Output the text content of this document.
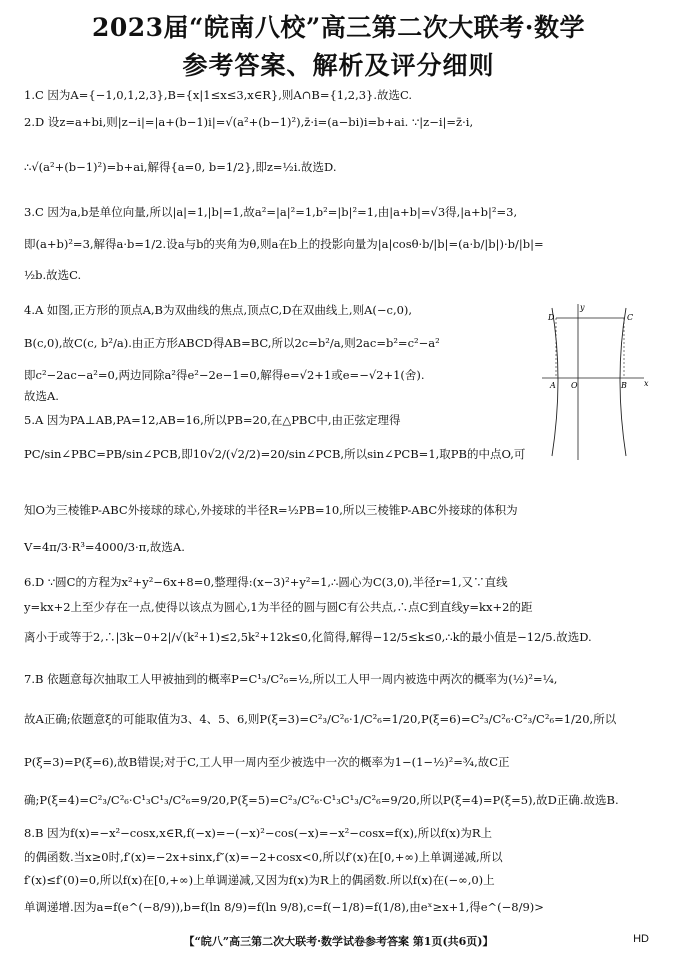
2023届“皖南八校”高三第二次大联考·数学
参考答案、解析及评分细则
1.C 因为A={−1,0,1,2,3},B={x|1≤x≤3,x∈R},则A∩B={1,2,3}.故选C.
2.D 设z=a+bi,则|z−i|=|a+(b−1)i|=√(a²+(b−1)²),z̄·i=(a−bi)i=b+ai. ∵|z−i|=z̄·i,
∴√(a²+(b−1)²)=b+ai,解得{a=0, b=1/2},即z=½i.故选D.
3.C 因为a,b是单位向量,所以|a|=1,|b|=1,故a²=|a|²=1,b²=|b|²=1,由|a+b|=√3得,|a+b|²=3,
即(a+b)²=3,解得a·b=1/2.设a与b的夹角为θ,则a在b上的投影向量为|a|cosθ·b/|b|=(a·b/|b|)·b/|b|=
½b.故选C.
4.A 如图,正方形的顶点A,B为双曲线的焦点,顶点C,D在双曲线上,则A(−c,0),
B(c,0),故C(c, b²/a).由正方形ABCD得AB=BC,所以2c=b²/a,则2ac=b²=c²−a²
即c²−2ac−a²=0,两边同除a²得e²−2e−1=0,解得e=√2+1或e=−√2+1(舍).
故选A.
5.A 因为PA⊥AB,PA=12,AB=16,所以PB=20,在△PBC中,由正弦定理得
PC/sin∠PBC=PB/sin∠PCB,即10√2/(√2/2)=20/sin∠PCB,所以sin∠PCB=1,取PB的中点O,可
知O为三棱锥P-ABC外接球的球心,外接球的半径R=½PB=10,所以三棱锥P-ABC外接球的体积为
V=4π/3·R³=4000/3·π,故选A.
6.D ∵圆C的方程为x²+y²−6x+8=0,整理得:(x−3)²+y²=1,∴圆心为C(3,0),半径r=1,又∵直线
y=kx+2上至少存在一点,使得以该点为圆心,1为半径的圆与圆C有公共点,∴点C到直线y=kx+2的距
离小于或等于2,∴|3k−0+2|/√(k²+1)≤2,5k²+12k≤0,化简得,解得−12/5≤k≤0,∴k的最小值是−12/5.故选D.
7.B 依题意每次抽取工人甲被抽到的概率P=C¹₃/C²₆=½,所以工人甲一周内被选中两次的概率为(½)²=¼,
故A正确;依题意ξ的可能取值为3、4、5、6,则P(ξ=3)=C²₃/C²₆·1/C²₆=1/20,P(ξ=6)=C²₃/C²₆·C²₃/C²₆=1/20,所以
P(ξ=3)=P(ξ=6),故B错误;对于C,工人甲一周内至少被选中一次的概率为1−(1−½)²=¾,故C正
确;P(ξ=4)=C²₃/C²₆·C¹₃C¹₃/C²₆=9/20,P(ξ=5)=C²₃/C²₆·C¹₃C¹₃/C²₆=9/20,所以P(ξ=4)=P(ξ=5),故D正确.故选B.
8.B 因为f(x)=−x²−cosx,x∈R,f(−x)=−(−x)²−cos(−x)=−x²−cosx=f(x),所以f(x)为R上
的偶函数.当x≥0时,f′(x)=−2x+sinx,f″(x)=−2+cosx<0,所以f′(x)在[0,+∞)上单调递减,所以
f′(x)≤f′(0)=0,所以f(x)在[0,+∞)上单调递减,又因为f(x)为R上的偶函数.所以f(x)在(−∞,0)上
单调递增.因为a=f(e^(−8/9)),b=f(ln 8/9)=f(ln 9/8),c=f(−1/8)=f(1/8),由eˣ≥x+1,得e^(−8/9)>
x
y
D	C
A	B
O
【“皖八”高三第二次大联考·数学试卷参考答案 第1页(共6页)】	HD
